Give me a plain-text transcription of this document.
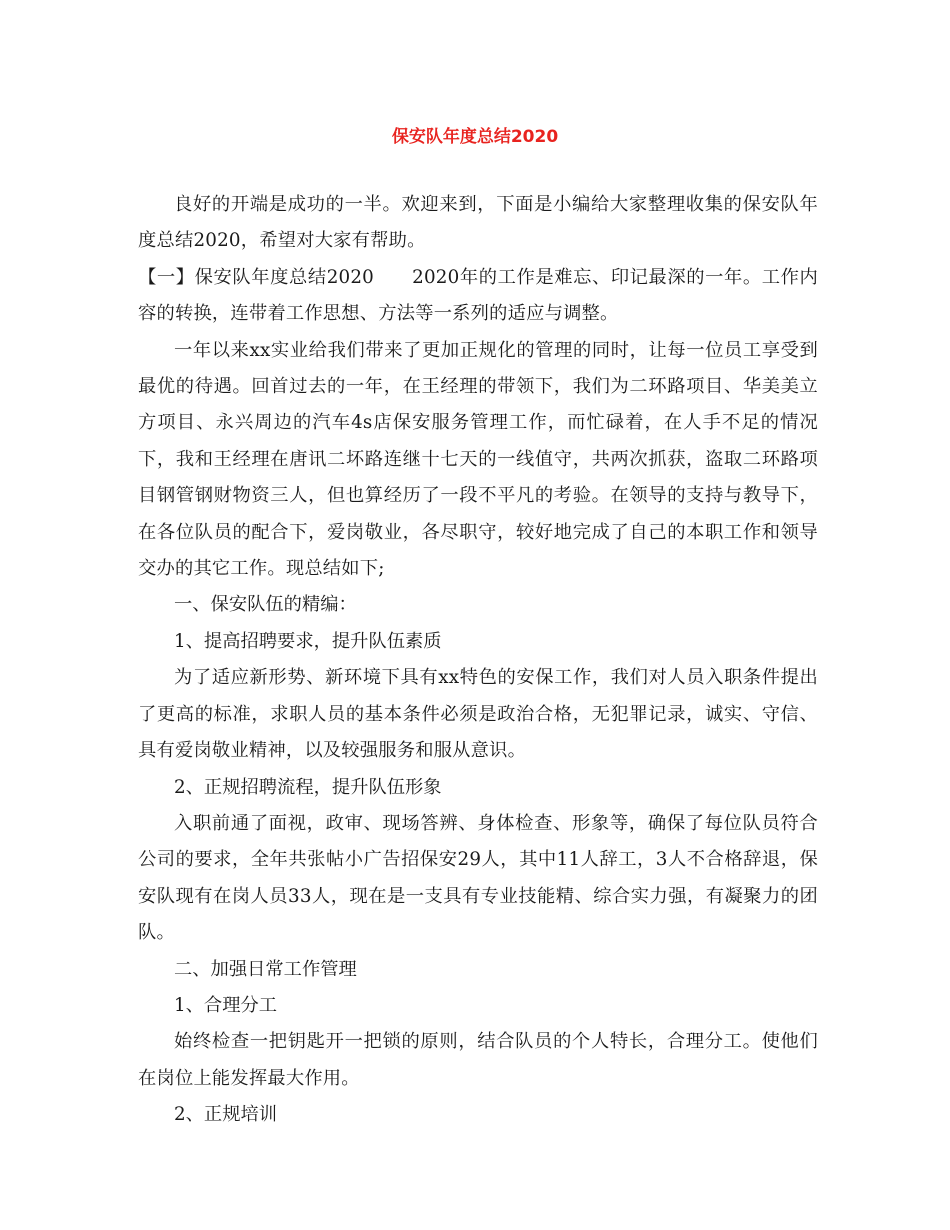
保安队年度总结2020

良好的开端是成功的一半。欢迎来到，下面是小编给大家整理收集的保安队年度总结2020，希望对大家有帮助。

【一】保安队年度总结2020　　2020年的工作是难忘、印记最深的一年。工作内容的转换，连带着工作思想、方法等一系列的适应与调整。

一年以来xx实业给我们带来了更加正规化的管理的同时，让每一位员工享受到最优的待遇。回首过去的一年，在王经理的带领下，我们为二环路项目、华美美立方项目、永兴周边的汽车4s店保安服务管理工作，而忙碌着，在人手不足的情况下，我和王经理在唐讯二坏路连继十七天的一线值守，共两次抓获，盗取二环路项目钢管钢财物资三人，但也算经历了一段不平凡的考验。在领导的支持与教导下，在各位队员的配合下，爱岗敬业，各尽职守，较好地完成了自己的本职工作和领导交办的其它工作。现总结如下;

一、保安队伍的精编：

1、提高招聘要求，提升队伍素质

为了适应新形势、新环境下具有xx特色的安保工作，我们对人员入职条件提出了更高的标准，求职人员的基本条件必须是政治合格，无犯罪记录，诚实、守信、具有爱岗敬业精神，以及较强服务和服从意识。

2、正规招聘流程，提升队伍形象

入职前通了面视，政审、现场答辨、身体检查、形象等，确保了每位队员符合公司的要求，全年共张帖小广告招保安29人，其中11人辞工，3人不合格辞退，保安队现有在岗人员33人，现在是一支具有专业技能精、综合实力强，有凝聚力的团队。

二、加强日常工作管理

1、合理分工

始终检查一把钥匙开一把锁的原则，结合队员的个人特长，合理分工。使他们在岗位上能发挥最大作用。

2、正规培训
